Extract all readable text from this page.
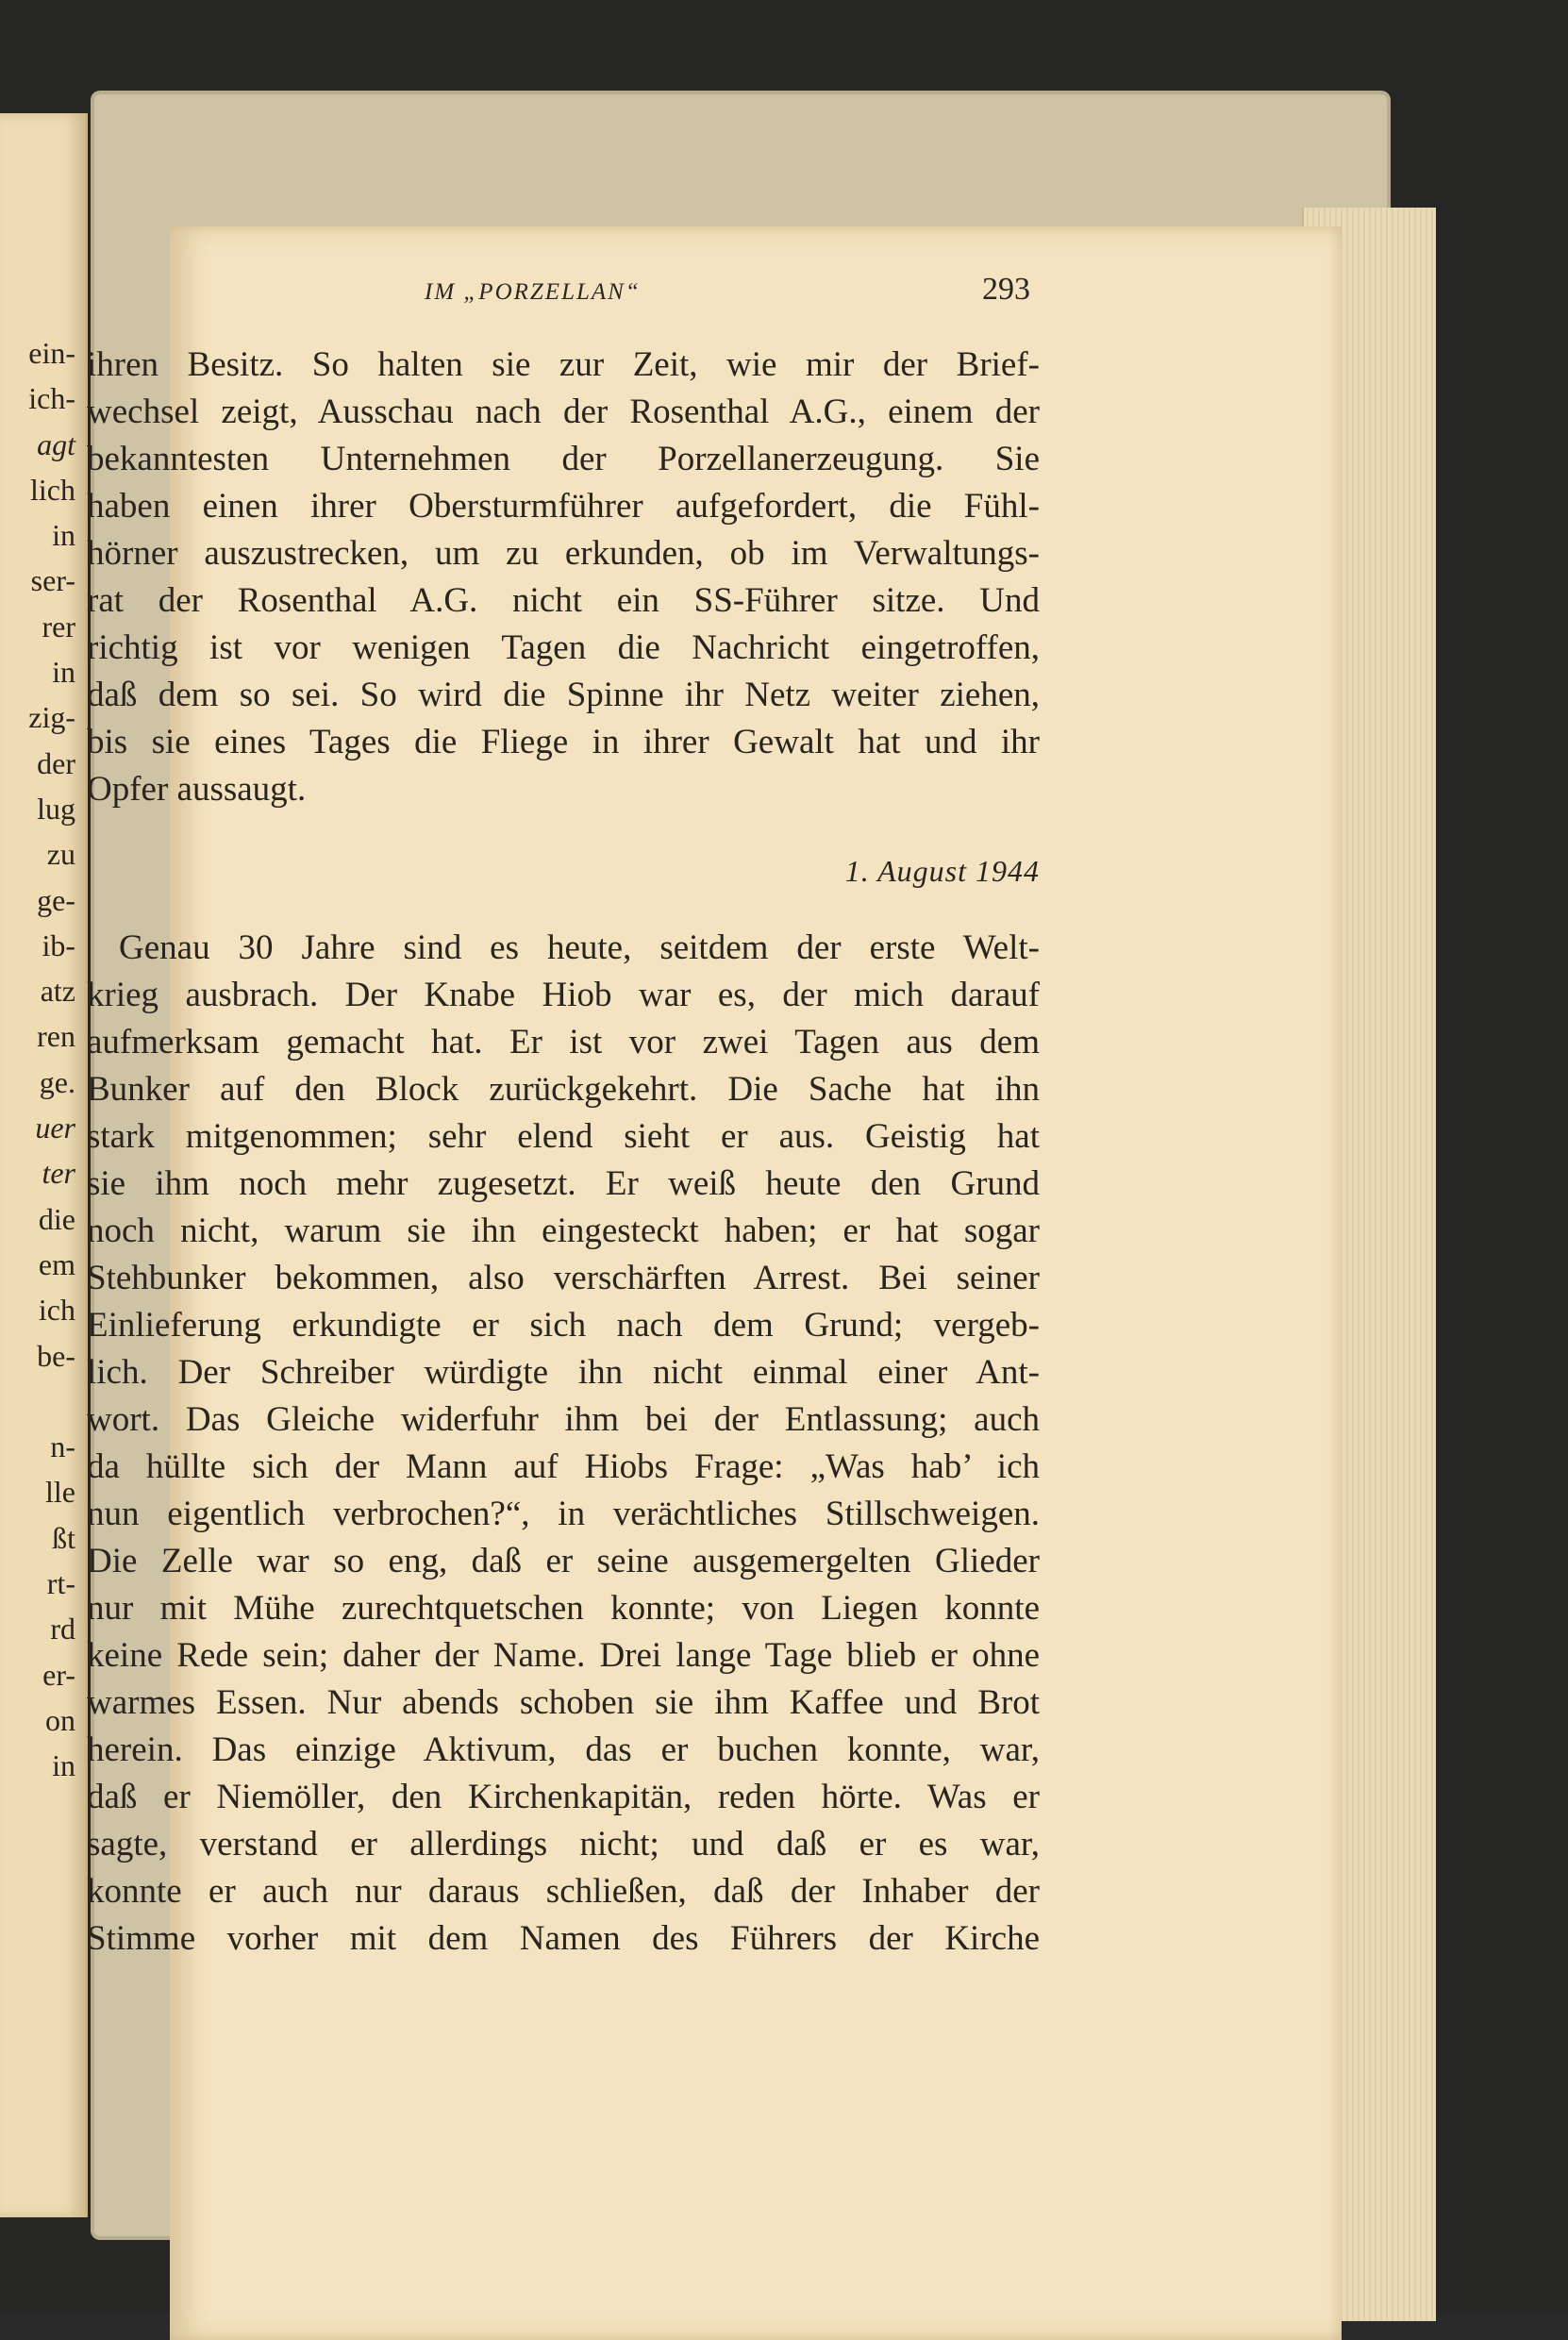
ein-
ich-
agt
lich
in
ser-
rer
in
zig-
der
lug
zu
ge-
ib-
atz
ren
ge.
uer
ter
die
em
ich
be-
n-
lle
ßt
rt-
rd
er-
on
in
IM „PORZELLAN“	293
ihren Besitz. So halten sie zur Zeit, wie mir der Brief-
wechsel zeigt, Ausschau nach der Rosenthal A.G., einem der
bekanntesten Unternehmen der Porzellanerzeugung. Sie
haben einen ihrer Obersturmführer aufgefordert, die Fühl-
hörner auszustrecken, um zu erkunden, ob im Verwaltungs-
rat der Rosenthal A.G. nicht ein SS-Führer sitze. Und
richtig ist vor wenigen Tagen die Nachricht eingetroffen,
daß dem so sei. So wird die Spinne ihr Netz weiter ziehen,
bis sie eines Tages die Fliege in ihrer Gewalt hat und ihr
Opfer aussaugt.
1. August 1944
Genau 30 Jahre sind es heute, seitdem der erste Welt-
krieg ausbrach. Der Knabe Hiob war es, der mich darauf
aufmerksam gemacht hat. Er ist vor zwei Tagen aus dem
Bunker auf den Block zurückgekehrt. Die Sache hat ihn
stark mitgenommen; sehr elend sieht er aus. Geistig hat
sie ihm noch mehr zugesetzt. Er weiß heute den Grund
noch nicht, warum sie ihn eingesteckt haben; er hat sogar
Stehbunker bekommen, also verschärften Arrest. Bei seiner
Einlieferung erkundigte er sich nach dem Grund; vergeb-
lich. Der Schreiber würdigte ihn nicht einmal einer Ant-
wort. Das Gleiche widerfuhr ihm bei der Entlassung; auch
da hüllte sich der Mann auf Hiobs Frage: „Was hab’ ich
nun eigentlich verbrochen?“, in verächtliches Stillschweigen.
Die Zelle war so eng, daß er seine ausgemergelten Glieder
nur mit Mühe zurechtquetschen konnte; von Liegen konnte
keine Rede sein; daher der Name. Drei lange Tage blieb er ohne
warmes Essen. Nur abends schoben sie ihm Kaffee und Brot
herein. Das einzige Aktivum, das er buchen konnte, war,
daß er Niemöller, den Kirchenkapitän, reden hörte. Was er
sagte, verstand er allerdings nicht; und daß er es war,
konnte er auch nur daraus schließen, daß der Inhaber der
Stimme vorher mit dem Namen des Führers der Kirche
